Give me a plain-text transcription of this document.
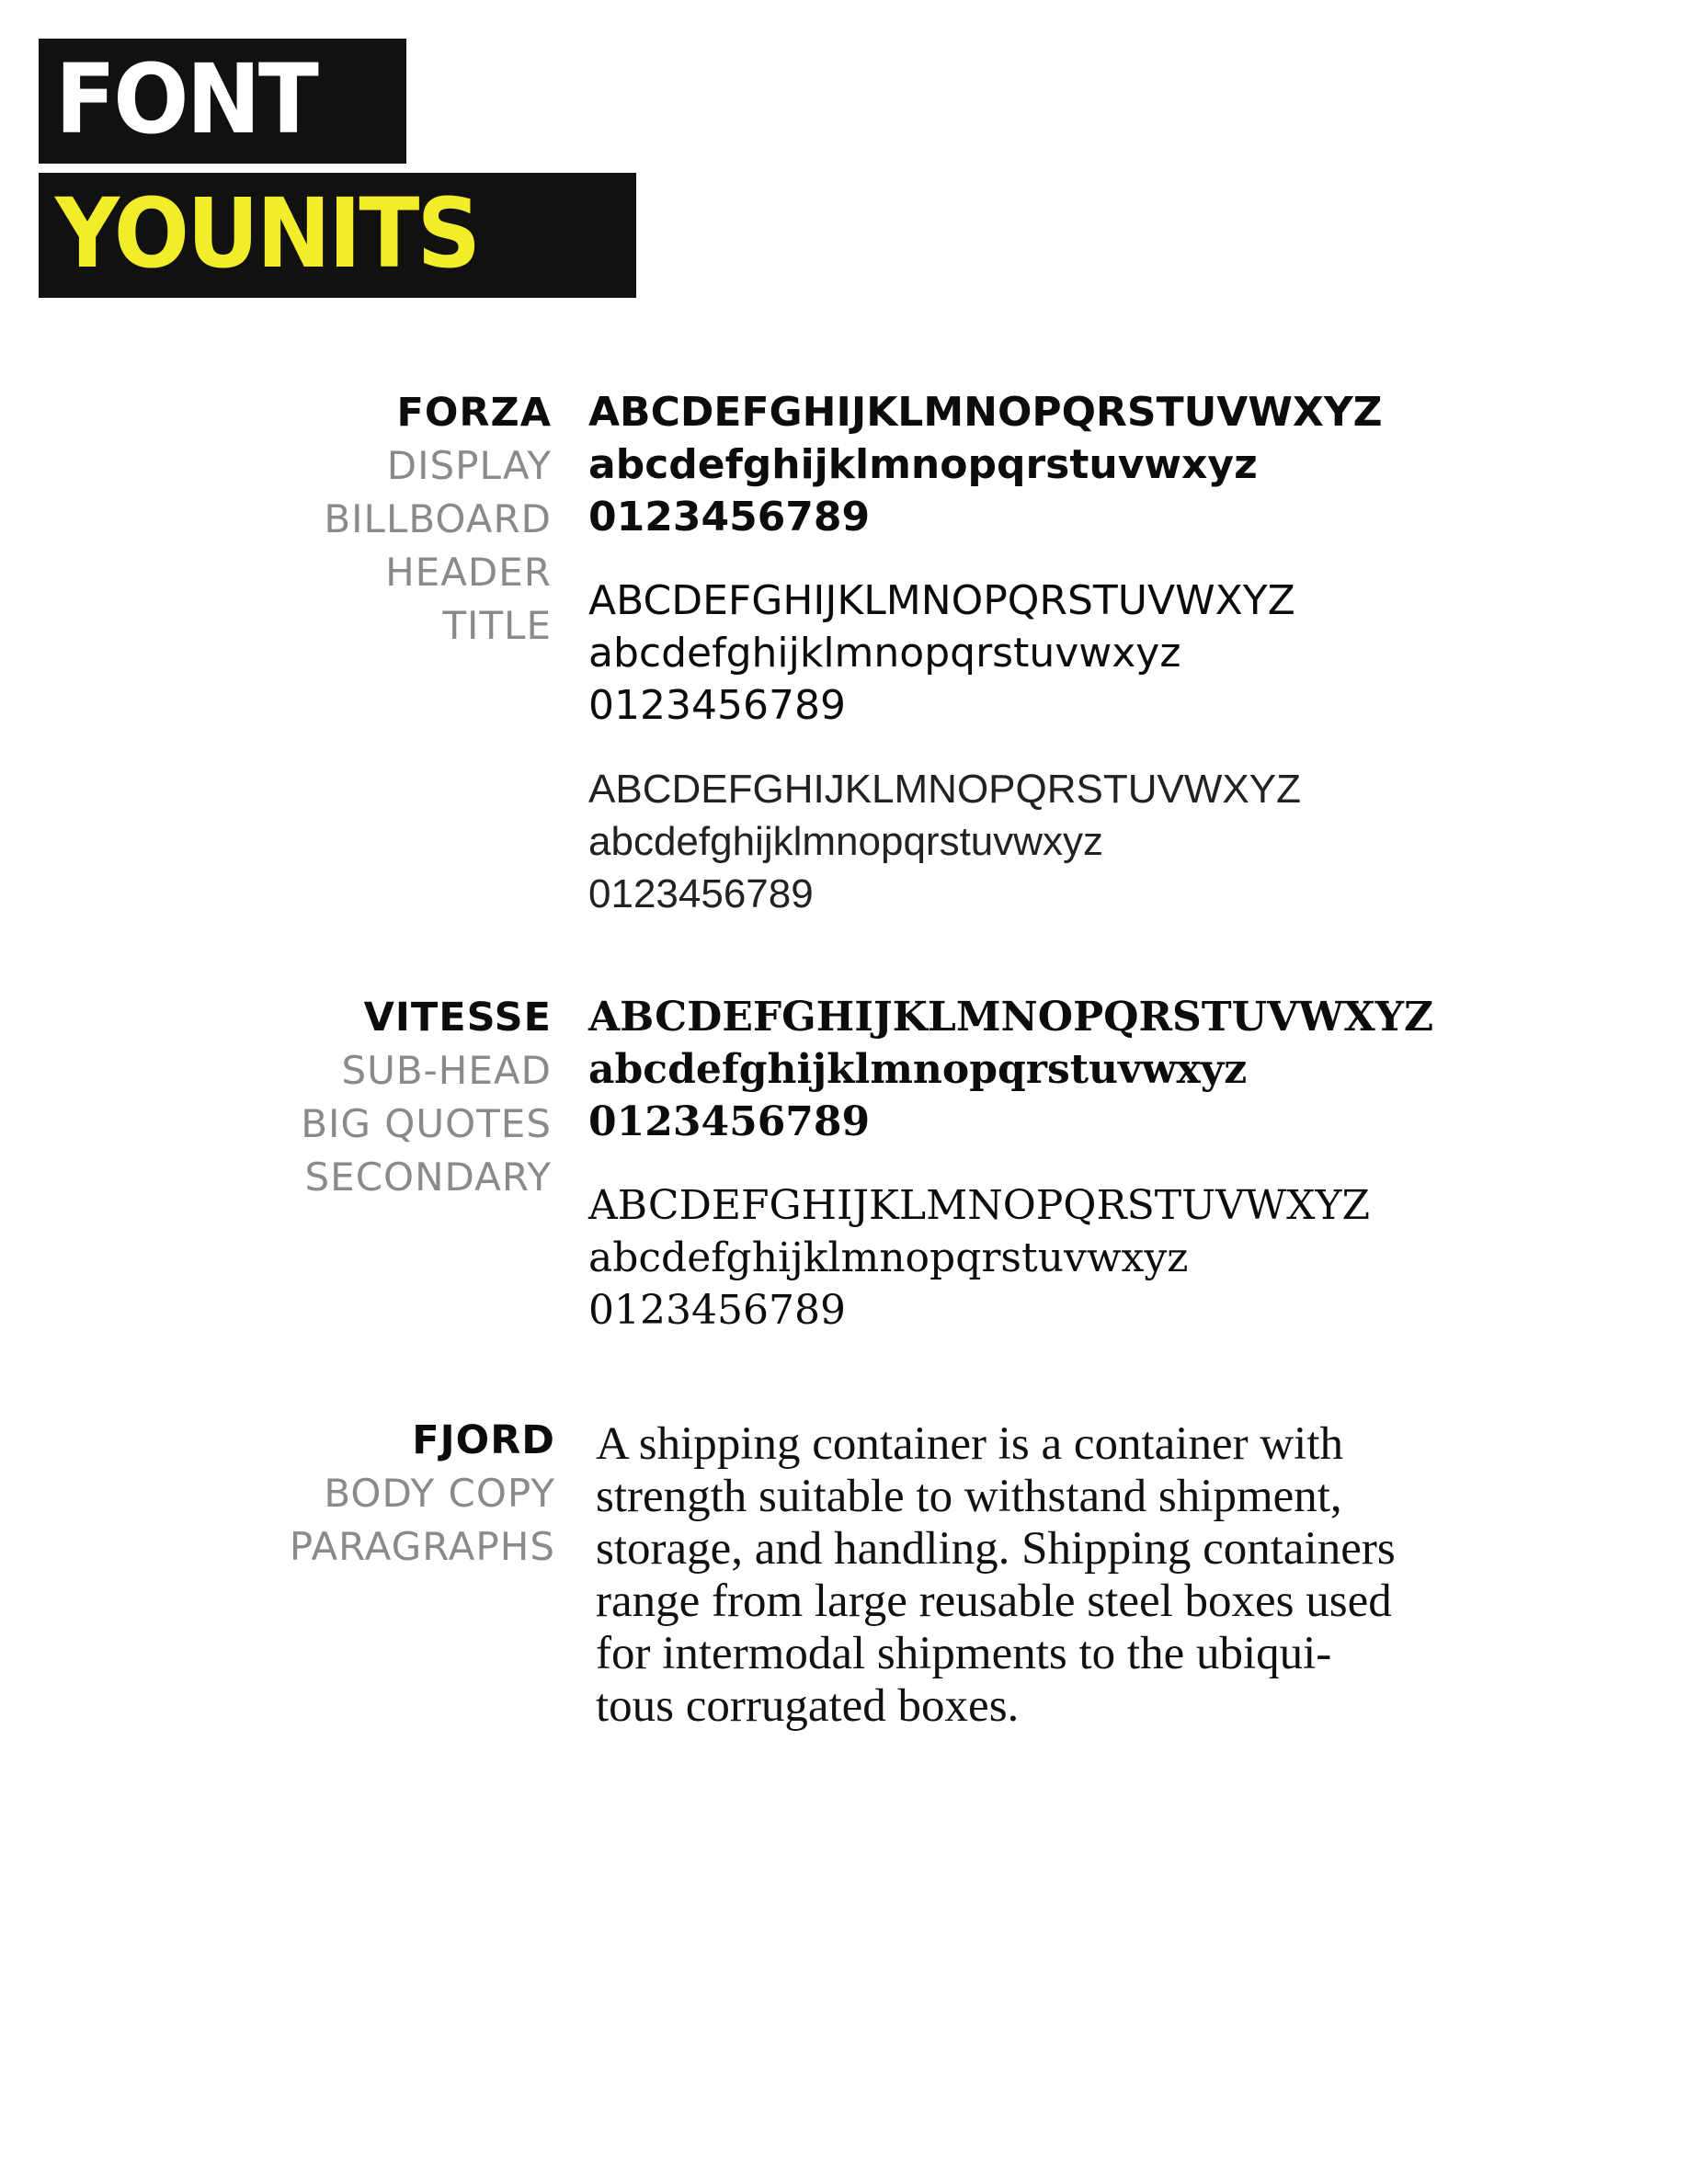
FONT
YOUNITS
FORZA
DISPLAY
BILLBOARD
HEADER
TITLE
ABCDEFGHIJKLMNOPQRSTUVWXYZ
abcdefghijklmnopqrstuvwxyz
0123456789
ABCDEFGHIJKLMNOPQRSTUVWXYZ
abcdefghijklmnopqrstuvwxyz
0123456789
ABCDEFGHIJKLMNOPQRSTUVWXYZ
abcdefghijklmnopqrstuvwxyz
0123456789
VITESSE
SUB-HEAD
BIG QUOTES
SECONDARY
ABCDEFGHIJKLMNOPQRSTUVWXYZ
abcdefghijklmnopqrstuvwxyz
0123456789
ABCDEFGHIJKLMNOPQRSTUVWXYZ
abcdefghijklmnopqrstuvwxyz
0123456789
FJORD
BODY COPY
PARAGRAPHS
A shipping container is a container with
strength suitable to withstand shipment,
storage, and handling. Shipping containers
range from large reusable steel boxes used
for intermodal shipments to the ubiqui-
tous corrugated boxes.
